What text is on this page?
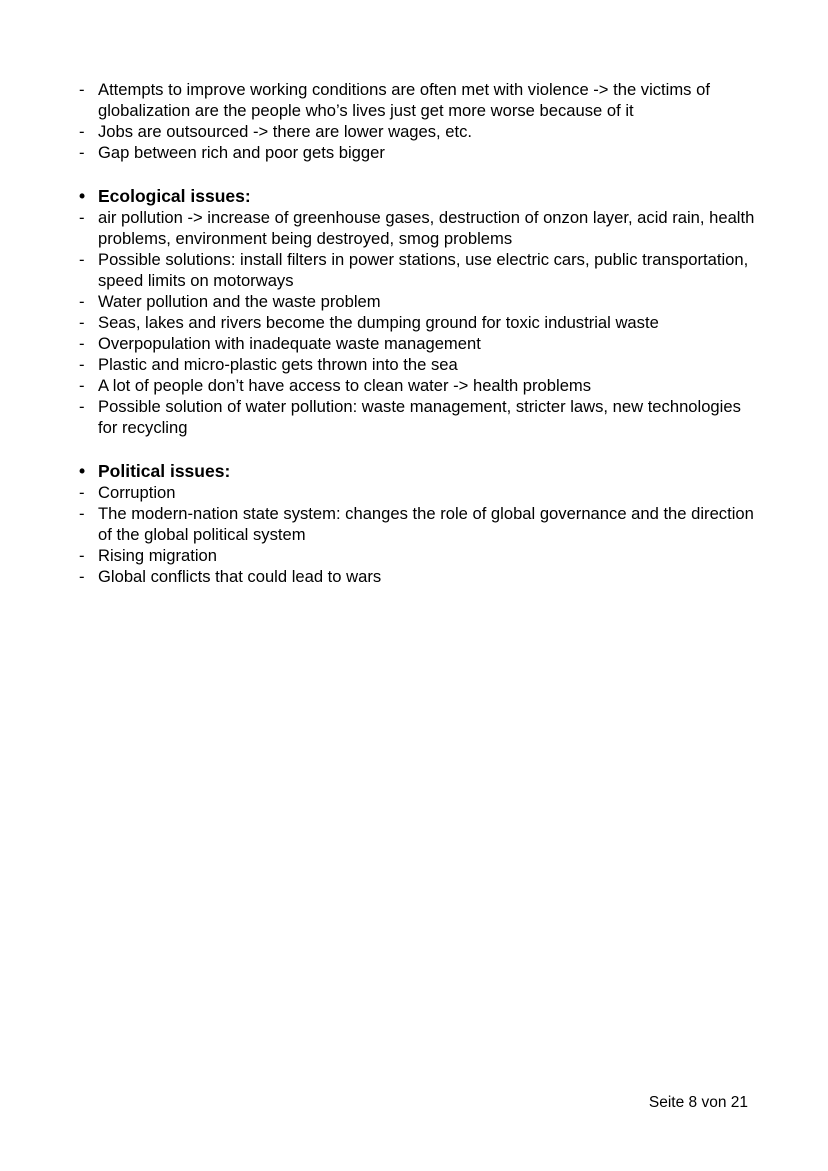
- Attempts to improve working conditions are often met with violence -> the victims of globalization are the people who’s lives just get more worse because of it
- Jobs are outsourced -> there are lower wages, etc.
- Gap between rich and poor gets bigger
• Ecological issues:
- air pollution -> increase of greenhouse gases, destruction of onzon layer, acid rain, health problems, environment being destroyed, smog problems
- Possible solutions: install filters in power stations, use electric cars, public transportation, speed limits on motorways
- Water pollution and the waste problem
- Seas, lakes and rivers become the dumping ground for toxic industrial waste
- Overpopulation with inadequate waste management
- Plastic and micro-plastic gets thrown into the sea
- A lot of people don’t have access to clean water -> health problems
- Possible solution of water pollution: waste management, stricter laws, new technologies for recycling
• Political issues:
- Corruption
- The modern-nation state system: changes the role of global governance and the direction of the global political system
- Rising migration
- Global conflicts that could lead to wars
Seite 8 von 21
